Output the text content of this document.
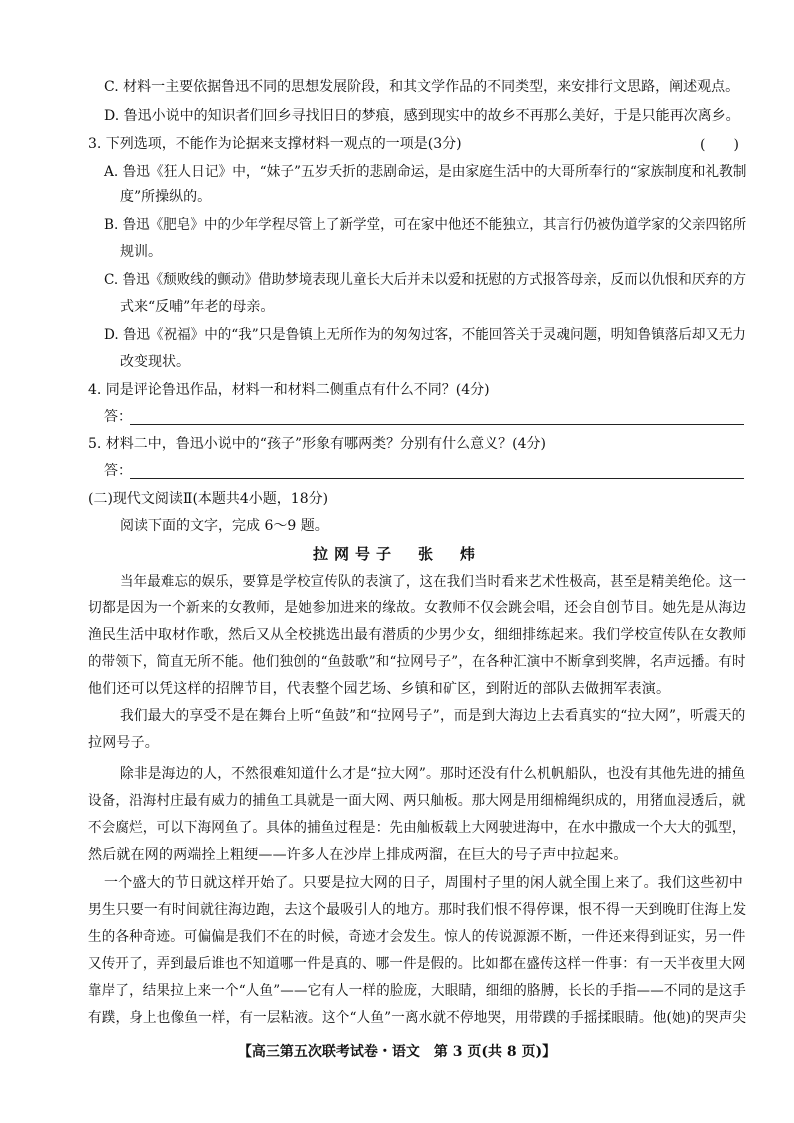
C. 材料一主要依据鲁迅不同的思想发展阶段，和其文学作品的不同类型，来安排行文思路，阐述观点。
D. 鲁迅小说中的知识者们回乡寻找旧日的梦痕，感到现实中的故乡不再那么美好，于是只能再次离乡。
3. 下列选项，不能作为论据来支撑材料一观点的一项是(3分)	(　　)
A. 鲁迅《狂人日记》中，“妹子”五岁夭折的悲剧命运，是由家庭生活中的大哥所奉行的“家族制度和礼教制
度”所操纵的。
B. 鲁迅《肥皂》中的少年学程尽管上了新学堂，可在家中他还不能独立，其言行仍被伪道学家的父亲四铭所
规训。
C. 鲁迅《颓败线的颤动》借助梦境表现儿童长大后并未以爱和抚慰的方式报答母亲，反而以仇恨和厌弃的方
式来“反哺”年老的母亲。
D. 鲁迅《祝福》中的“我”只是鲁镇上无所作为的匆匆过客，不能回答关于灵魂问题，明知鲁镇落后却又无力
改变现状。
4. 同是评论鲁迅作品，材料一和材料二侧重点有什么不同？(4分)
答：
5. 材料二中，鲁迅小说中的“孩子”形象有哪两类？分别有什么意义？(4分)
答：
(二)现代文阅读Ⅱ(本题共4小题，18分)
阅读下面的文字，完成 6～9 题。
拉网号子　张　炜
当年最难忘的娱乐，要算是学校宣传队的表演了，这在我们当时看来艺术性极高，甚至是精美绝伦。这一
切都是因为一个新来的女教师，是她参加进来的缘故。女教师不仅会跳会唱，还会自创节目。她先是从海边
渔民生活中取材作歌，然后又从全校挑选出最有潜质的少男少女，细细排练起来。我们学校宣传队在女教师
的带领下，简直无所不能。他们独创的“鱼鼓歌”和“拉网号子”，在各种汇演中不断拿到奖牌，名声远播。有时
他们还可以凭这样的招牌节目，代表整个园艺场、乡镇和矿区，到附近的部队去做拥军表演。
我们最大的享受不是在舞台上听“鱼鼓”和“拉网号子”，而是到大海边上去看真实的“拉大网”，听震天的
拉网号子。
除非是海边的人，不然很难知道什么才是“拉大网”。那时还没有什么机帆船队，也没有其他先进的捕鱼
设备，沿海村庄最有威力的捕鱼工具就是一面大网、两只舢板。那大网是用细棉绳织成的，用猪血浸透后，就
不会腐烂，可以下海网鱼了。具体的捕鱼过程是：先由舢板载上大网驶进海中，在水中撒成一个大大的弧型，
然后就在网的两端拴上粗绠——许多人在沙岸上排成两溜，在巨大的号子声中拉起来。
一个盛大的节日就这样开始了。只要是拉大网的日子，周围村子里的闲人就全围上来了。我们这些初中
男生只要一有时间就往海边跑，去这个最吸引人的地方。那时我们恨不得停课，恨不得一天到晚盯住海上发
生的各种奇迹。可偏偏是我们不在的时候，奇迹才会发生。惊人的传说源源不断，一件还来得到证实，另一件
又传开了，弄到最后谁也不知道哪一件是真的、哪一件是假的。比如都在盛传这样一件事：有一天半夜里大网
靠岸了，结果拉上来一个“人鱼”——它有人一样的脸庞，大眼睛，细细的胳膊，长长的手指——不同的是这手
有蹼，身上也像鱼一样，有一层粘液。这个“人鱼”一离水就不停地哭，用带蹼的手摇揉眼睛。他(她)的哭声尖
【高三第五次联考试卷・语文　第 3 页(共 8 页)】
